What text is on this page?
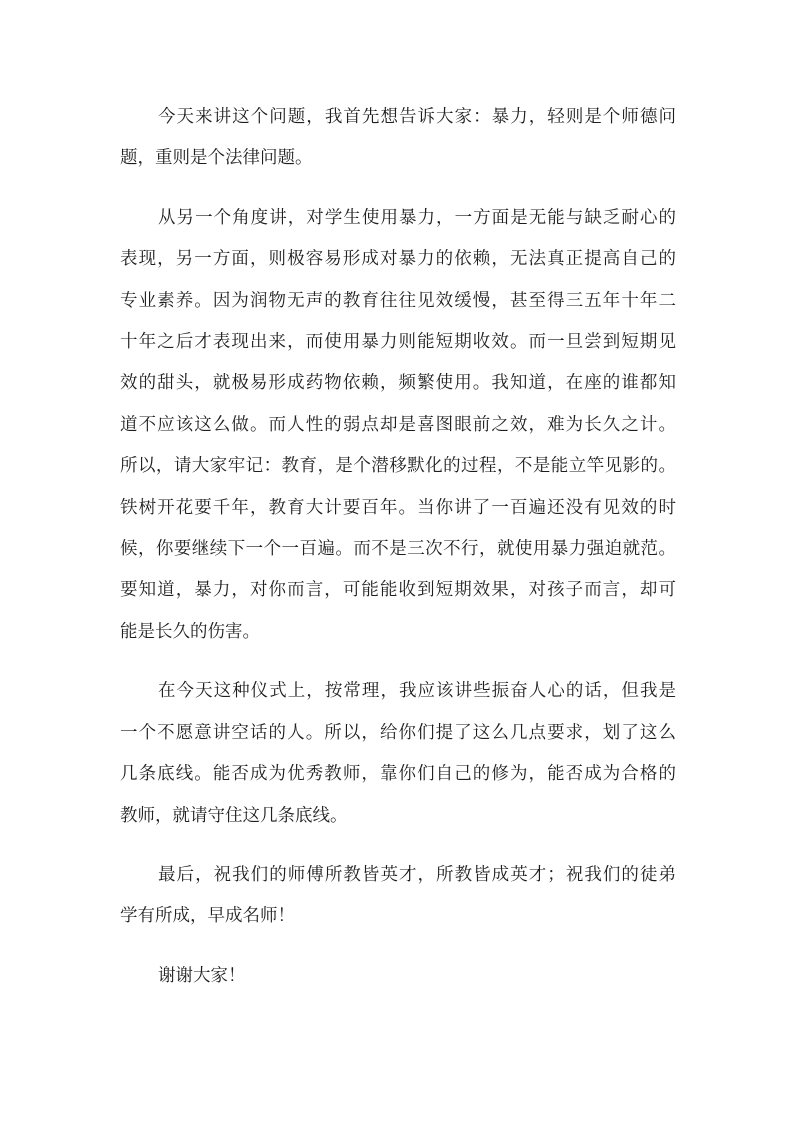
今天来讲这个问题，我首先想告诉大家：暴力，轻则是个师德问
题，重则是个法律问题。
从另一个角度讲，对学生使用暴力，一方面是无能与缺乏耐心的
表现，另一方面，则极容易形成对暴力的依赖，无法真正提高自己的
专业素养。因为润物无声的教育往往见效缓慢，甚至得三五年十年二
十年之后才表现出来，而使用暴力则能短期收效。而一旦尝到短期见
效的甜头，就极易形成药物依赖，频繁使用。我知道，在座的谁都知
道不应该这么做。而人性的弱点却是喜图眼前之效，难为长久之计。
所以，请大家牢记：教育，是个潜移默化的过程，不是能立竿见影的。
铁树开花要千年，教育大计要百年。当你讲了一百遍还没有见效的时
候，你要继续下一个一百遍。而不是三次不行，就使用暴力强迫就范。
要知道，暴力，对你而言，可能能收到短期效果，对孩子而言，却可
能是长久的伤害。
在今天这种仪式上，按常理，我应该讲些振奋人心的话，但我是
一个不愿意讲空话的人。所以，给你们提了这么几点要求，划了这么
几条底线。能否成为优秀教师，靠你们自己的修为，能否成为合格的
教师，就请守住这几条底线。
最后，祝我们的师傅所教皆英才，所教皆成英才；祝我们的徒弟
学有所成，早成名师！
谢谢大家！
